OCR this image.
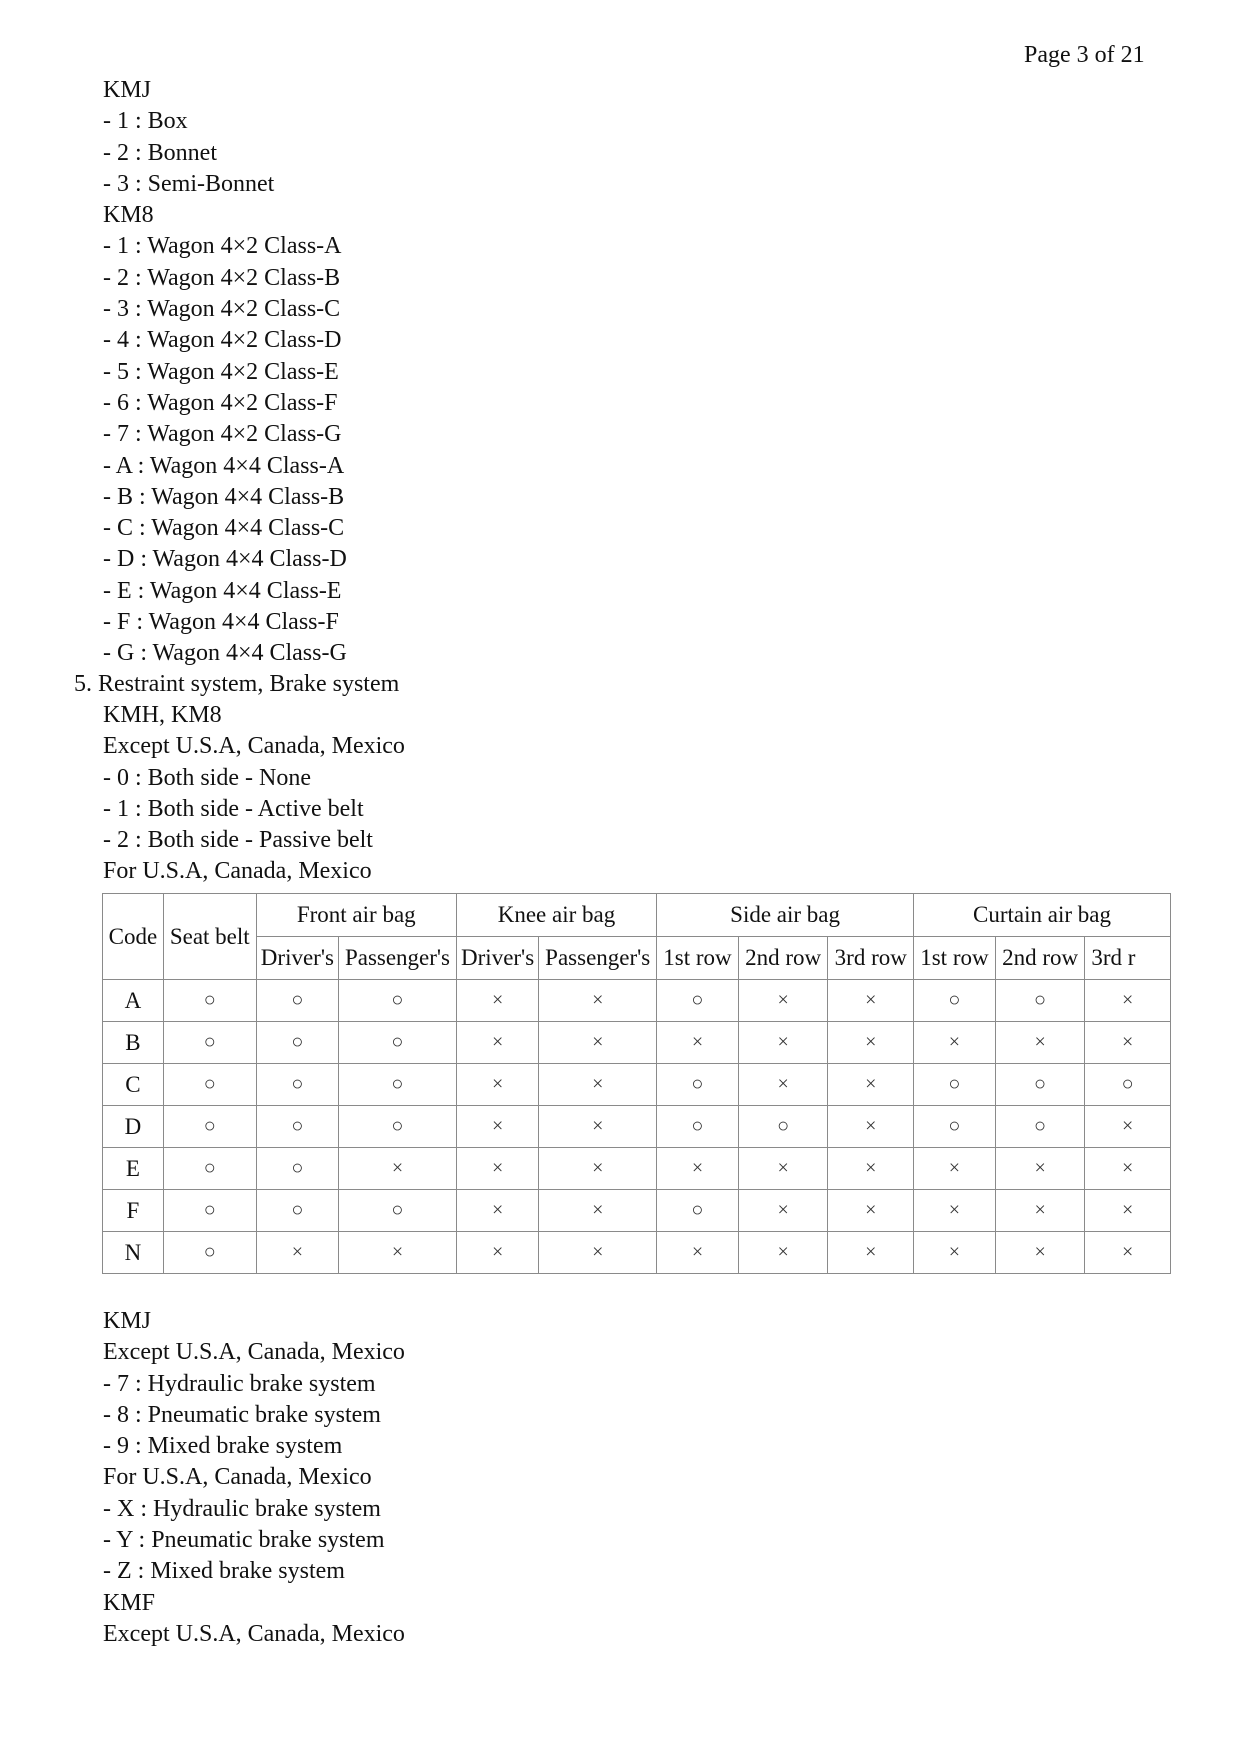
Page 3 of 21
KMJ
- 1 : Box
- 2 : Bonnet
- 3 : Semi-Bonnet
KM8
- 1 : Wagon 4×2 Class-A
- 2 : Wagon 4×2 Class-B
- 3 : Wagon 4×2 Class-C
- 4 : Wagon 4×2 Class-D
- 5 : Wagon 4×2 Class-E
- 6 : Wagon 4×2 Class-F
- 7 : Wagon 4×2 Class-G
- A : Wagon 4×4 Class-A
- B : Wagon 4×4 Class-B
- C : Wagon 4×4 Class-C
- D : Wagon 4×4 Class-D
- E : Wagon 4×4 Class-E
- F : Wagon 4×4 Class-F
- G : Wagon 4×4 Class-G
5. Restraint system, Brake system
KMH, KM8
Except U.S.A, Canada, Mexico
- 0 : Both side - None
- 1 : Both side - Active belt
- 2 : Both side - Passive belt
For U.S.A, Canada, Mexico
Code	Seat belt	Front air bag		Knee air bag		Side air bag			Curtain air bag		
		Driver's	Passenger's	Driver's	Passenger's	1st row	2nd row	3rd row	1st row	2nd row	3rd r
A	○	○	○	×	×	○	×	×	○	○	×
B	○	○	○	×	×	×	×	×	×	×	×
C	○	○	○	×	×	○	×	×	○	○	○
D	○	○	○	×	×	○	○	×	○	○	×
E	○	○	×	×	×	×	×	×	×	×	×
F	○	○	○	×	×	○	×	×	×	×	×
N	○	×	×	×	×	×	×	×	×	×	×
KMJ
Except U.S.A, Canada, Mexico
- 7 : Hydraulic brake system
- 8 : Pneumatic brake system
- 9 : Mixed brake system
For U.S.A, Canada, Mexico
- X : Hydraulic brake system
- Y : Pneumatic brake system
- Z : Mixed brake system
KMF
Except U.S.A, Canada, Mexico
